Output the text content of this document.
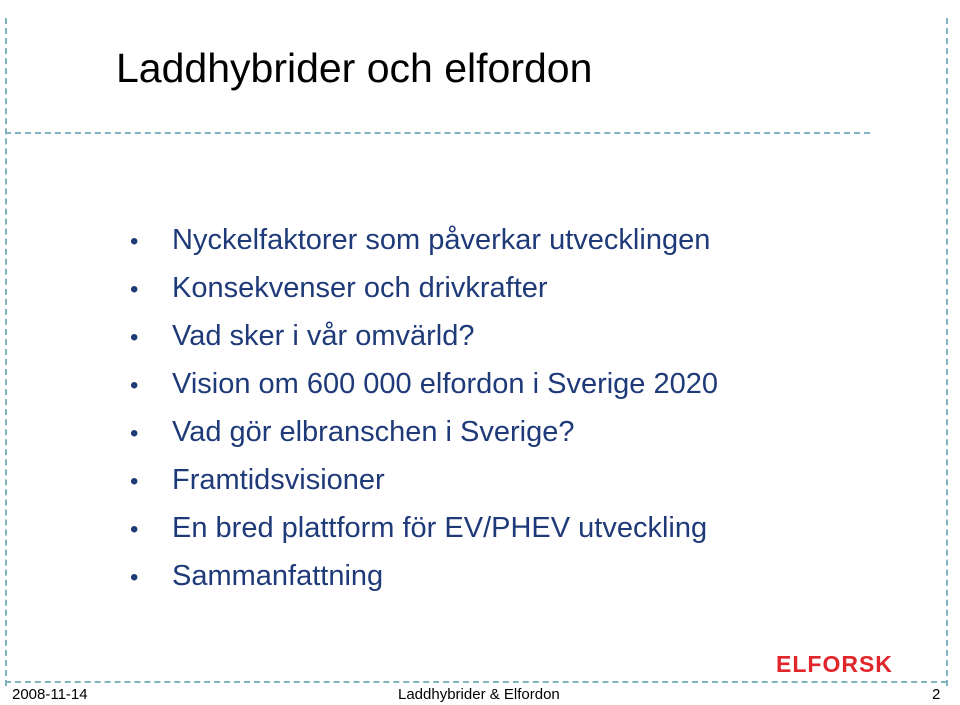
Laddhybrider och elfordon
• Nyckelfaktorer som påverkar utvecklingen
• Konsekvenser och drivkrafter
• Vad sker i vår omvärld?
• Vision om 600 000 elfordon i Sverige 2020
• Vad gör elbranschen i Sverige?
• Framtidsvisioner
• En bred plattform för EV/PHEV utveckling
• Sammanfattning
ELFORSK
2008-11-14	Laddhybrider & Elfordon	2
